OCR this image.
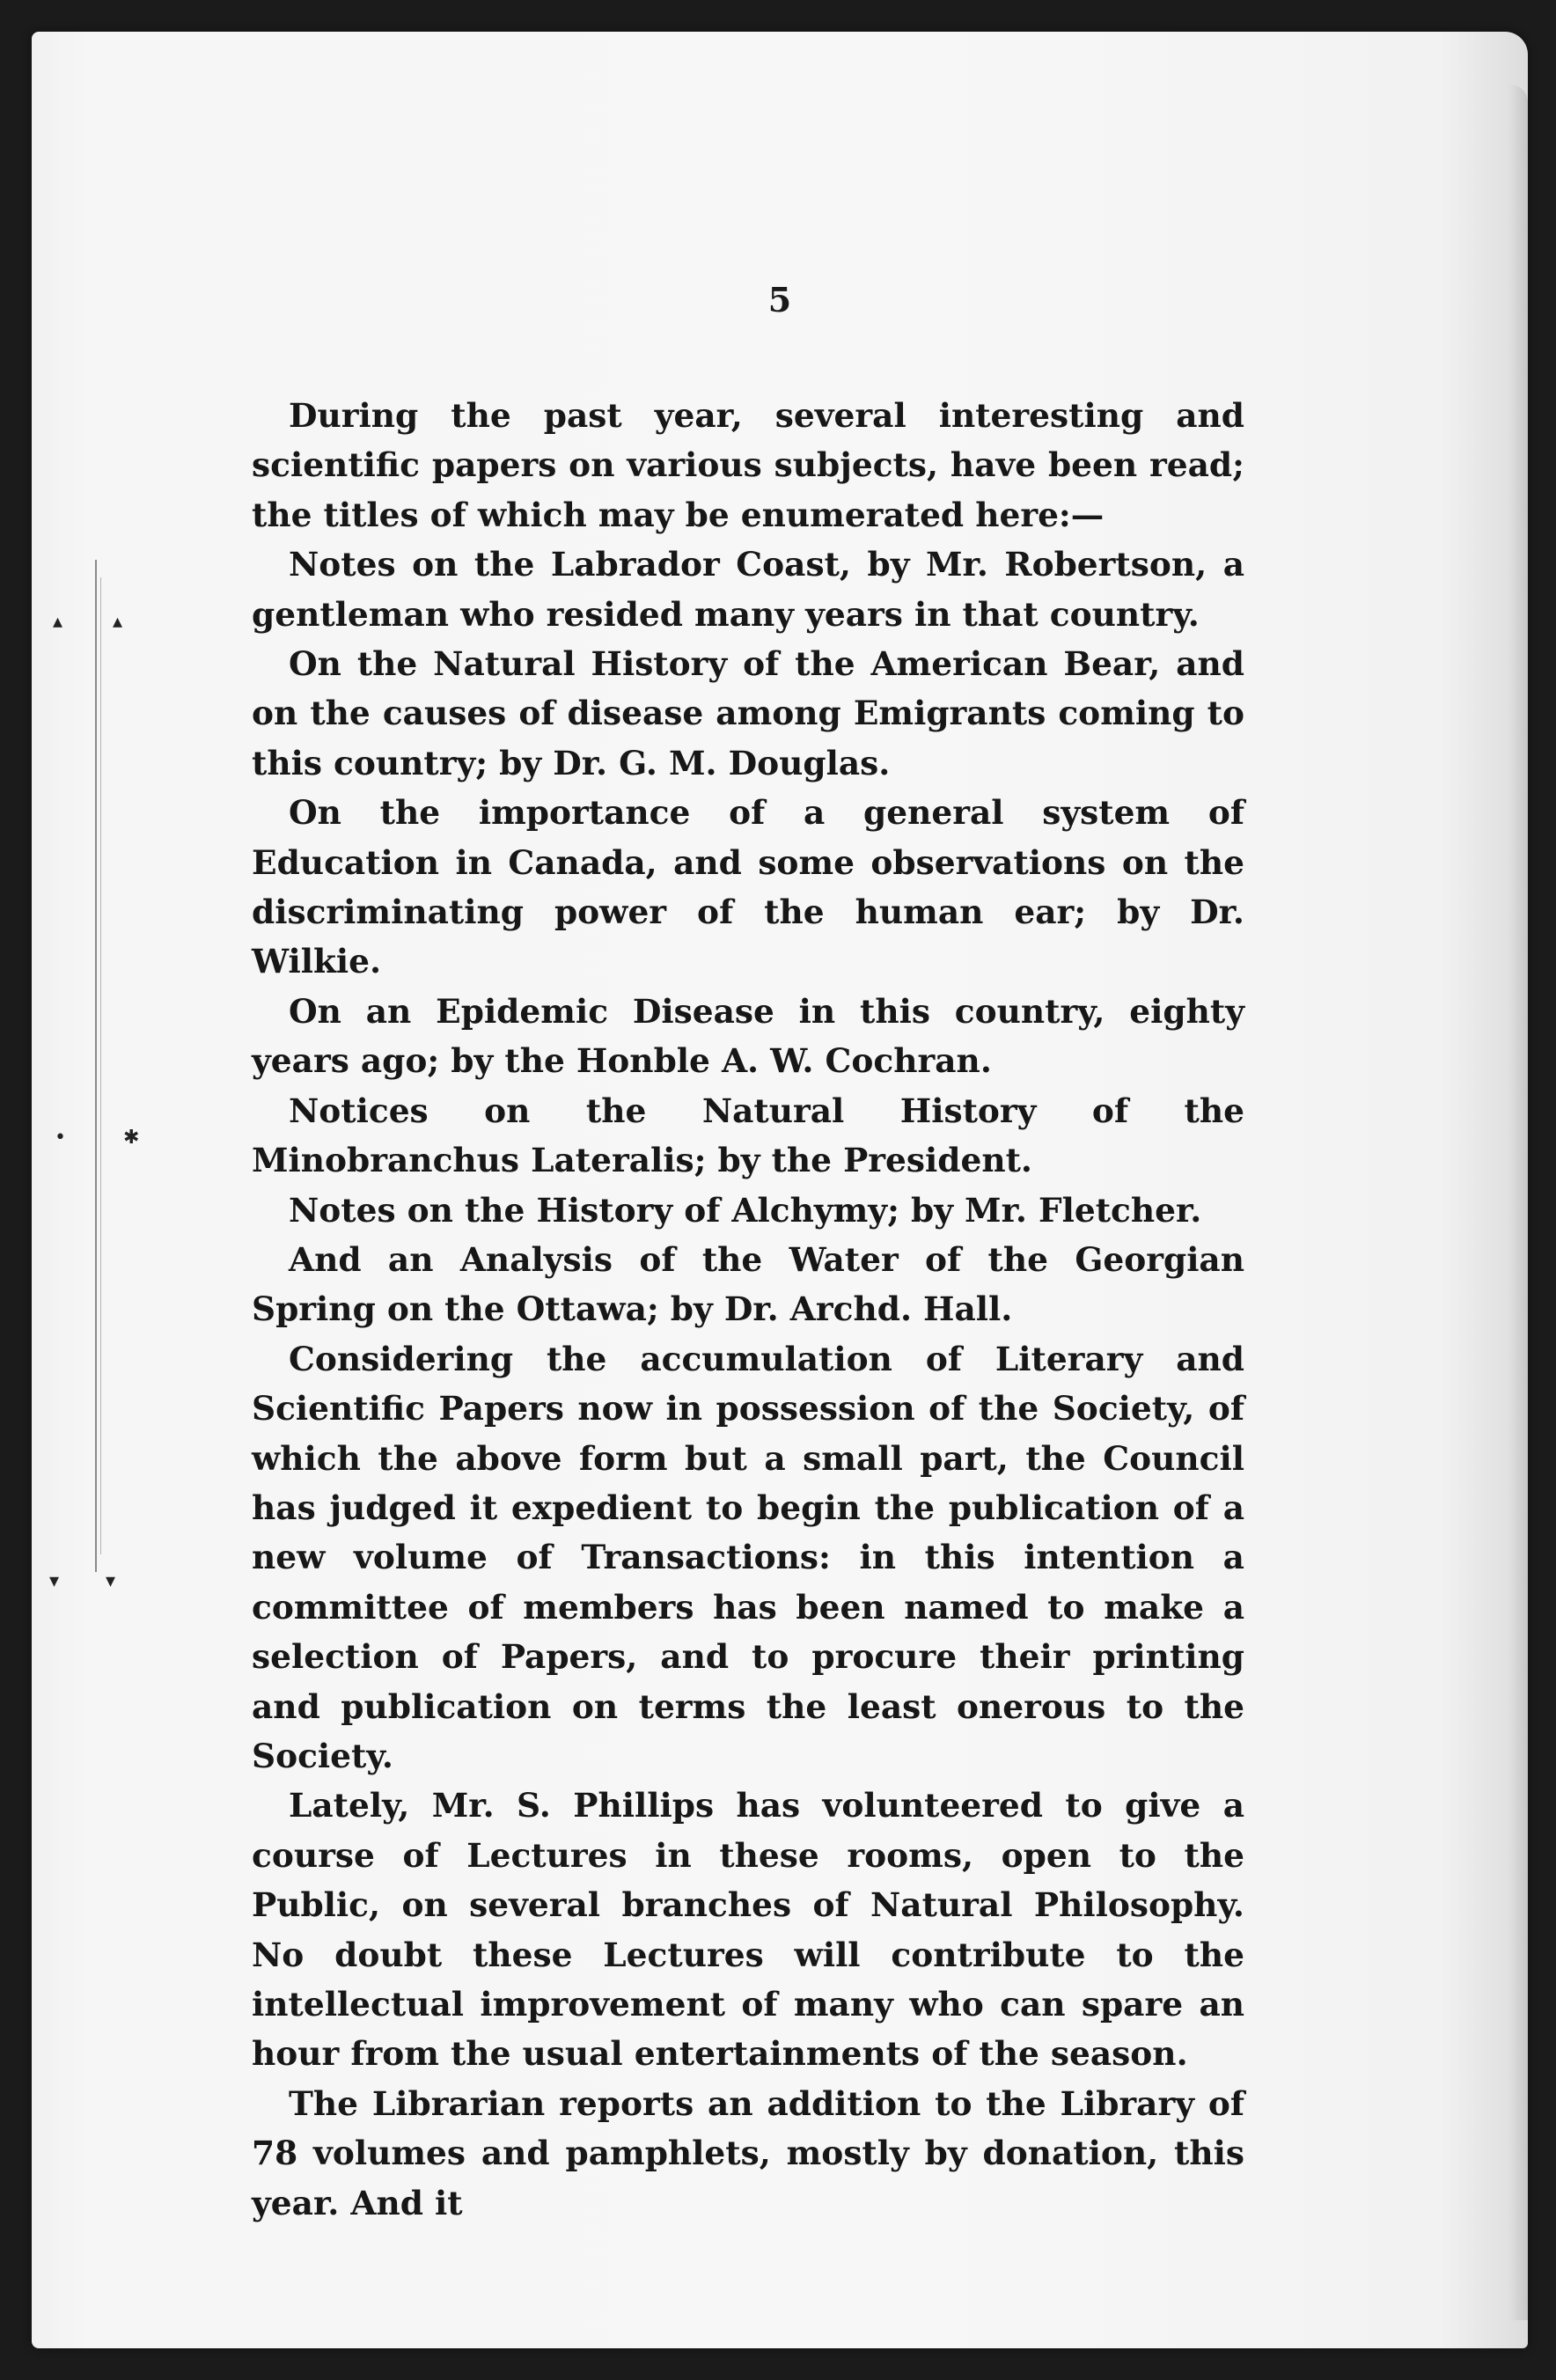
▴	▴
•	✱
▾ ▾
5

During the past year, several interesting and scientific papers on various subjects, have been read; the titles of which may be enumerated here:—

Notes on the Labrador Coast, by Mr. Robertson, a gentleman who resided many years in that country.

On the Natural History of the American Bear, and on the causes of disease among Emigrants coming to this country; by Dr. G. M. Douglas.

On the importance of a general system of Education in Canada, and some observations on the discriminating power of the human ear; by Dr. Wilkie.

On an Epidemic Disease in this country, eighty years ago; by the Honble A. W. Cochran.

Notices on the Natural History of the Minobranchus Lateralis; by the President.

Notes on the History of Alchymy; by Mr. Fletcher.

And an Analysis of the Water of the Georgian Spring on the Ottawa; by Dr. Archd. Hall.

Considering the accumulation of Literary and Scientific Papers now in possession of the Society, of which the above form but a small part, the Council has judged it expedient to begin the publication of a new volume of Transactions: in this intention a committee of members has been named to make a selection of Papers, and to procure their printing and publication on terms the least onerous to the Society.

Lately, Mr. S. Phillips has volunteered to give a course of Lectures in these rooms, open to the Public, on several branches of Natural Philosophy. No doubt these Lectures will contribute to the intellectual improvement of many who can spare an hour from the usual entertainments of the season.

The Librarian reports an addition to the Library of 78 volumes and pamphlets, mostly by donation, this year. And it
